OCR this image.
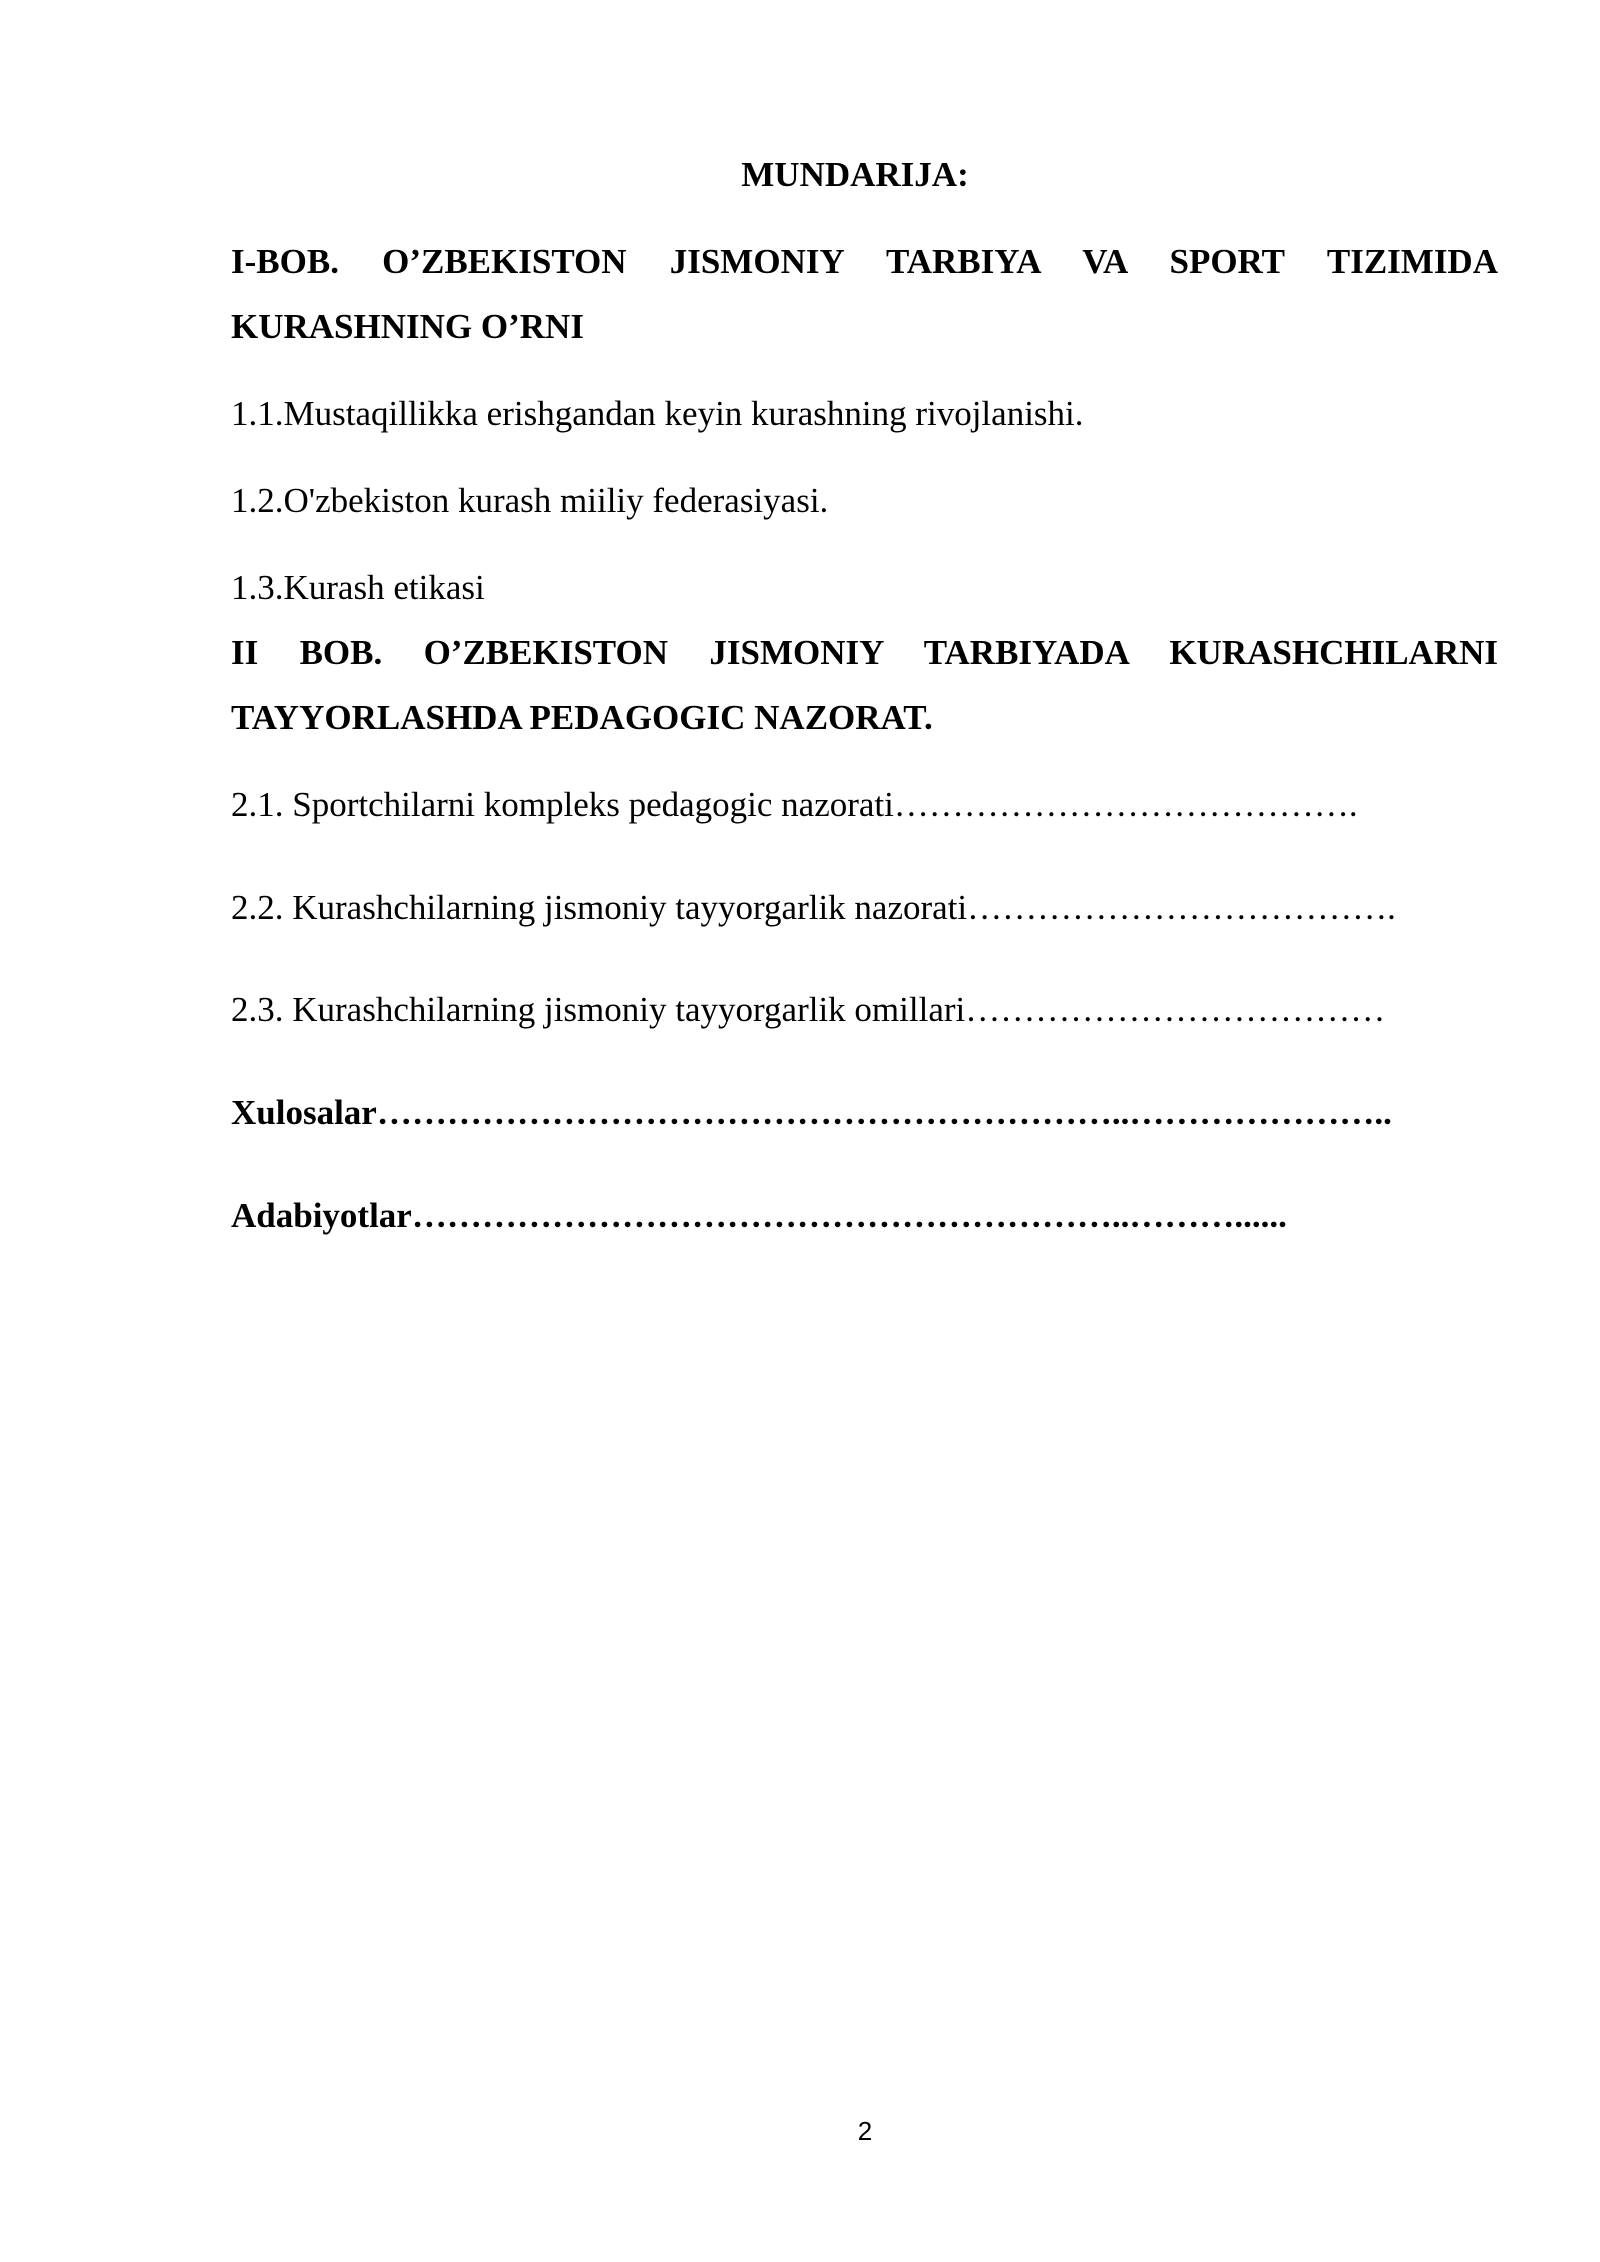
MUNDARIJA:
I-BOB. O’ZBEKISTON JISMONIY TARBIYA VA SPORT TIZIMIDA
KURASHNING O’RNI
1.1.Mustaqillikka erishgandan keyin kurashning rivojlanishi.
1.2.O'zbekiston kurash miiliy federasiyasi.
1.3.Kurash etikasi
II BOB. O’ZBEKISTON JISMONIY TARBIYADA KURASHCHILARNI
TAYYORLASHDA PEDAGOGIC NAZORAT.
2.1. Sportchilarni kompleks pedagogic nazorati………………………………….
2.2. Kurashchilarning jismoniy tayyorgarlik nazorati……………………………….
2.3. Kurashchilarning jismoniy tayyorgarlik omillari………………………………
Xulosalar………………………………………………………..…………………..
Adabiyotlar……………………………………………………..………......
2
